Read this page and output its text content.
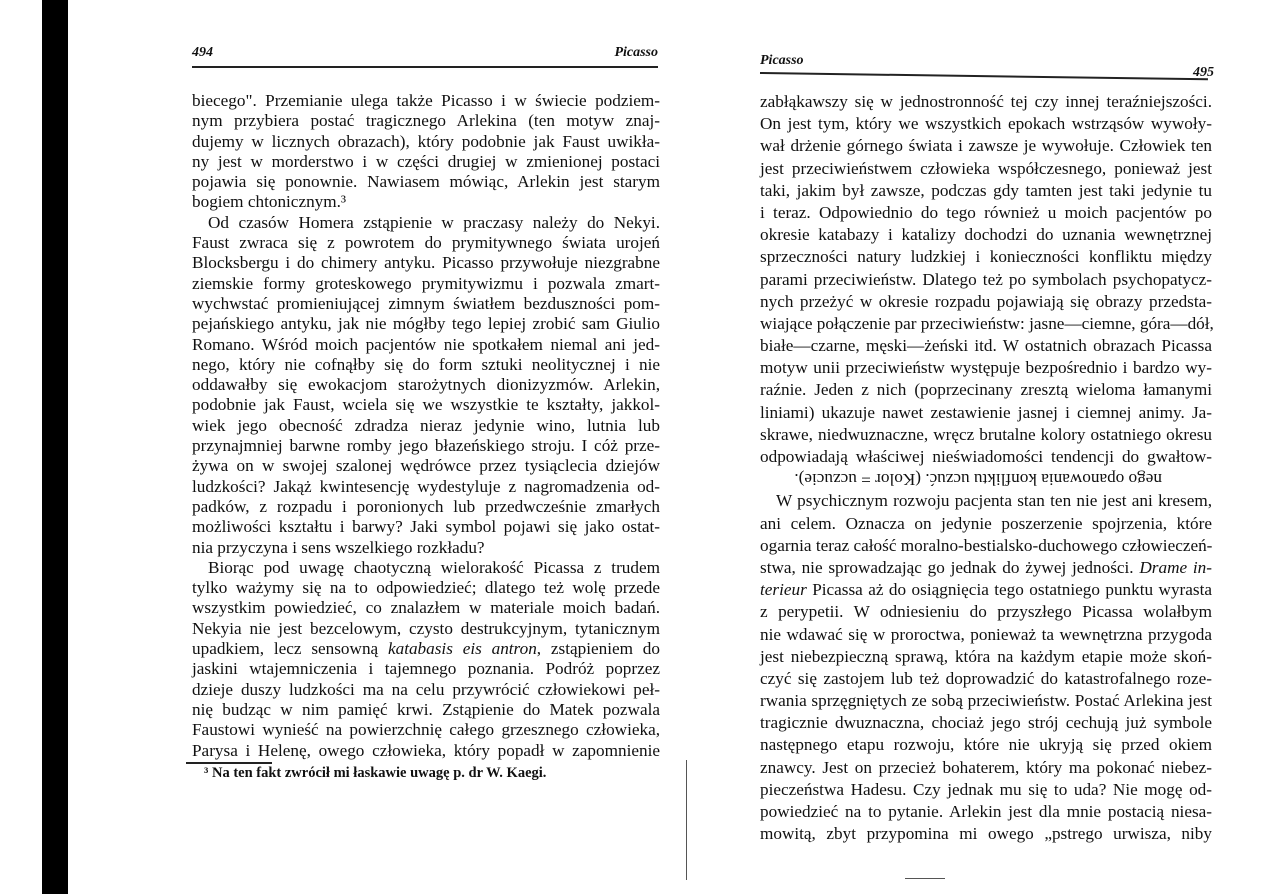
494	Picasso
biecego". Przemianie ulega także Picasso i w świecie podziem-
nym przybiera postać tragicznego Arlekina (ten motyw znaj-
dujemy w licznych obrazach), który podobnie jak Faust uwikła-
ny jest w morderstwo i w części drugiej w zmienionej postaci
pojawia się ponownie. Nawiasem mówiąc, Arlekin jest starym
bogiem chtonicznym.³
Od czasów Homera zstąpienie w praczasy należy do Nekyi.
Faust zwraca się z powrotem do prymitywnego świata urojeń
Blocksbergu i do chimery antyku. Picasso przywołuje niezgrabne
ziemskie formy groteskowego prymitywizmu i pozwala zmart-
wychwstać promieniującej zimnym światłem bezduszności pom-
pejańskiego antyku, jak nie mógłby tego lepiej zrobić sam Giulio
Romano. Wśród moich pacjentów nie spotkałem niemal ani jed-
nego, który nie cofnąłby się do form sztuki neolitycznej i nie
oddawałby się ewokacjom starożytnych dionizyzmów. Arlekin,
podobnie jak Faust, wciela się we wszystkie te kształty, jakkol-
wiek jego obecność zdradza nieraz jedynie wino, lutnia lub
przynajmniej barwne romby jego błazeńskiego stroju. I cóż prze-
żywa on w swojej szalonej wędrówce przez tysiąclecia dziejów
ludzkości? Jakąż kwintesencję wydestyluje z nagromadzenia od-
padków, z rozpadu i poronionych lub przedwcześnie zmarłych
możliwości kształtu i barwy? Jaki symbol pojawi się jako ostat-
nia przyczyna i sens wszelkiego rozkładu?
Biorąc pod uwagę chaotyczną wielorakość Picassa z trudem
tylko ważymy się na to odpowiedzieć; dlatego też wolę przede
wszystkim powiedzieć, co znalazłem w materiale moich badań.
Nekyia nie jest bezcelowym, czysto destrukcyjnym, tytanicznym
upadkiem, lecz sensowną katabasis eis antron, zstąpieniem do
jaskini wtajemniczenia i tajemnego poznania. Podróż poprzez
dzieje duszy ludzkości ma na celu przywrócić człowiekowi peł-
nię budząc w nim pamięć krwi. Zstąpienie do Matek pozwala
Faustowi wynieść na powierzchnię całego grzesznego człowieka,
Parysa i Helenę, owego człowieka, który popadł w zapomnienie
³ Na ten fakt zwrócił mi łaskawie uwagę p. dr W. Kaegi.
Picasso
495
zabłąkawszy się w jednostronność tej czy innej teraźniejszości.
On jest tym, który we wszystkich epokach wstrząsów wywoły-
wał drżenie górnego świata i zawsze je wywołuje. Człowiek ten
jest przeciwieństwem człowieka współczesnego, ponieważ jest
taki, jakim był zawsze, podczas gdy tamten jest taki jedynie tu
i teraz. Odpowiednio do tego również u moich pacjentów po
okresie katabazy i katalizy dochodzi do uznania wewnętrznej
sprzeczności natury ludzkiej i konieczności konfliktu między
parami przeciwieństw. Dlatego też po symbolach psychopatycz-
nych przeżyć w okresie rozpadu pojawiają się obrazy przedsta-
wiające połączenie par przeciwieństw: jasne—ciemne, góra—dół,
białe—czarne, męski—żeński itd. W ostatnich obrazach Picassa
motyw unii przeciwieństw występuje bezpośrednio i bardzo wy-
raźnie. Jeden z nich (poprzecinany zresztą wieloma łamanymi
liniami) ukazuje nawet zestawienie jasnej i ciemnej animy. Ja-
skrawe, niedwuznaczne, wręcz brutalne kolory ostatniego okresu
odpowiadają właściwej nieświadomości tendencji do gwałtow-
nego opanowania konfliktu uczuć. (Kolor = uczucie).
W psychicznym rozwoju pacjenta stan ten nie jest ani kresem,
ani celem. Oznacza on jedynie poszerzenie spojrzenia, które
ogarnia teraz całość moralno-bestialsko-duchowego człowieczeń-
stwa, nie sprowadzając go jednak do żywej jedności. Drame in-
terieur Picassa aż do osiągnięcia tego ostatniego punktu wyrasta
z perypetii. W odniesieniu do przyszłego Picassa wolałbym
nie wdawać się w proroctwa, ponieważ ta wewnętrzna przygoda
jest niebezpieczną sprawą, która na każdym etapie może skoń-
czyć się zastojem lub też doprowadzić do katastrofalnego roze-
rwania sprzęgniętych ze sobą przeciwieństw. Postać Arlekina jest
tragicznie dwuznaczna, chociaż jego strój cechują już symbole
następnego etapu rozwoju, które nie ukryją się przed okiem
znawcy. Jest on przecież bohaterem, który ma pokonać niebez-
pieczeństwa Hadesu. Czy jednak mu się to uda? Nie mogę od-
powiedzieć na to pytanie. Arlekin jest dla mnie postacią niesa-
mowitą, zbyt przypomina mi owego „pstrego urwisza, niby
